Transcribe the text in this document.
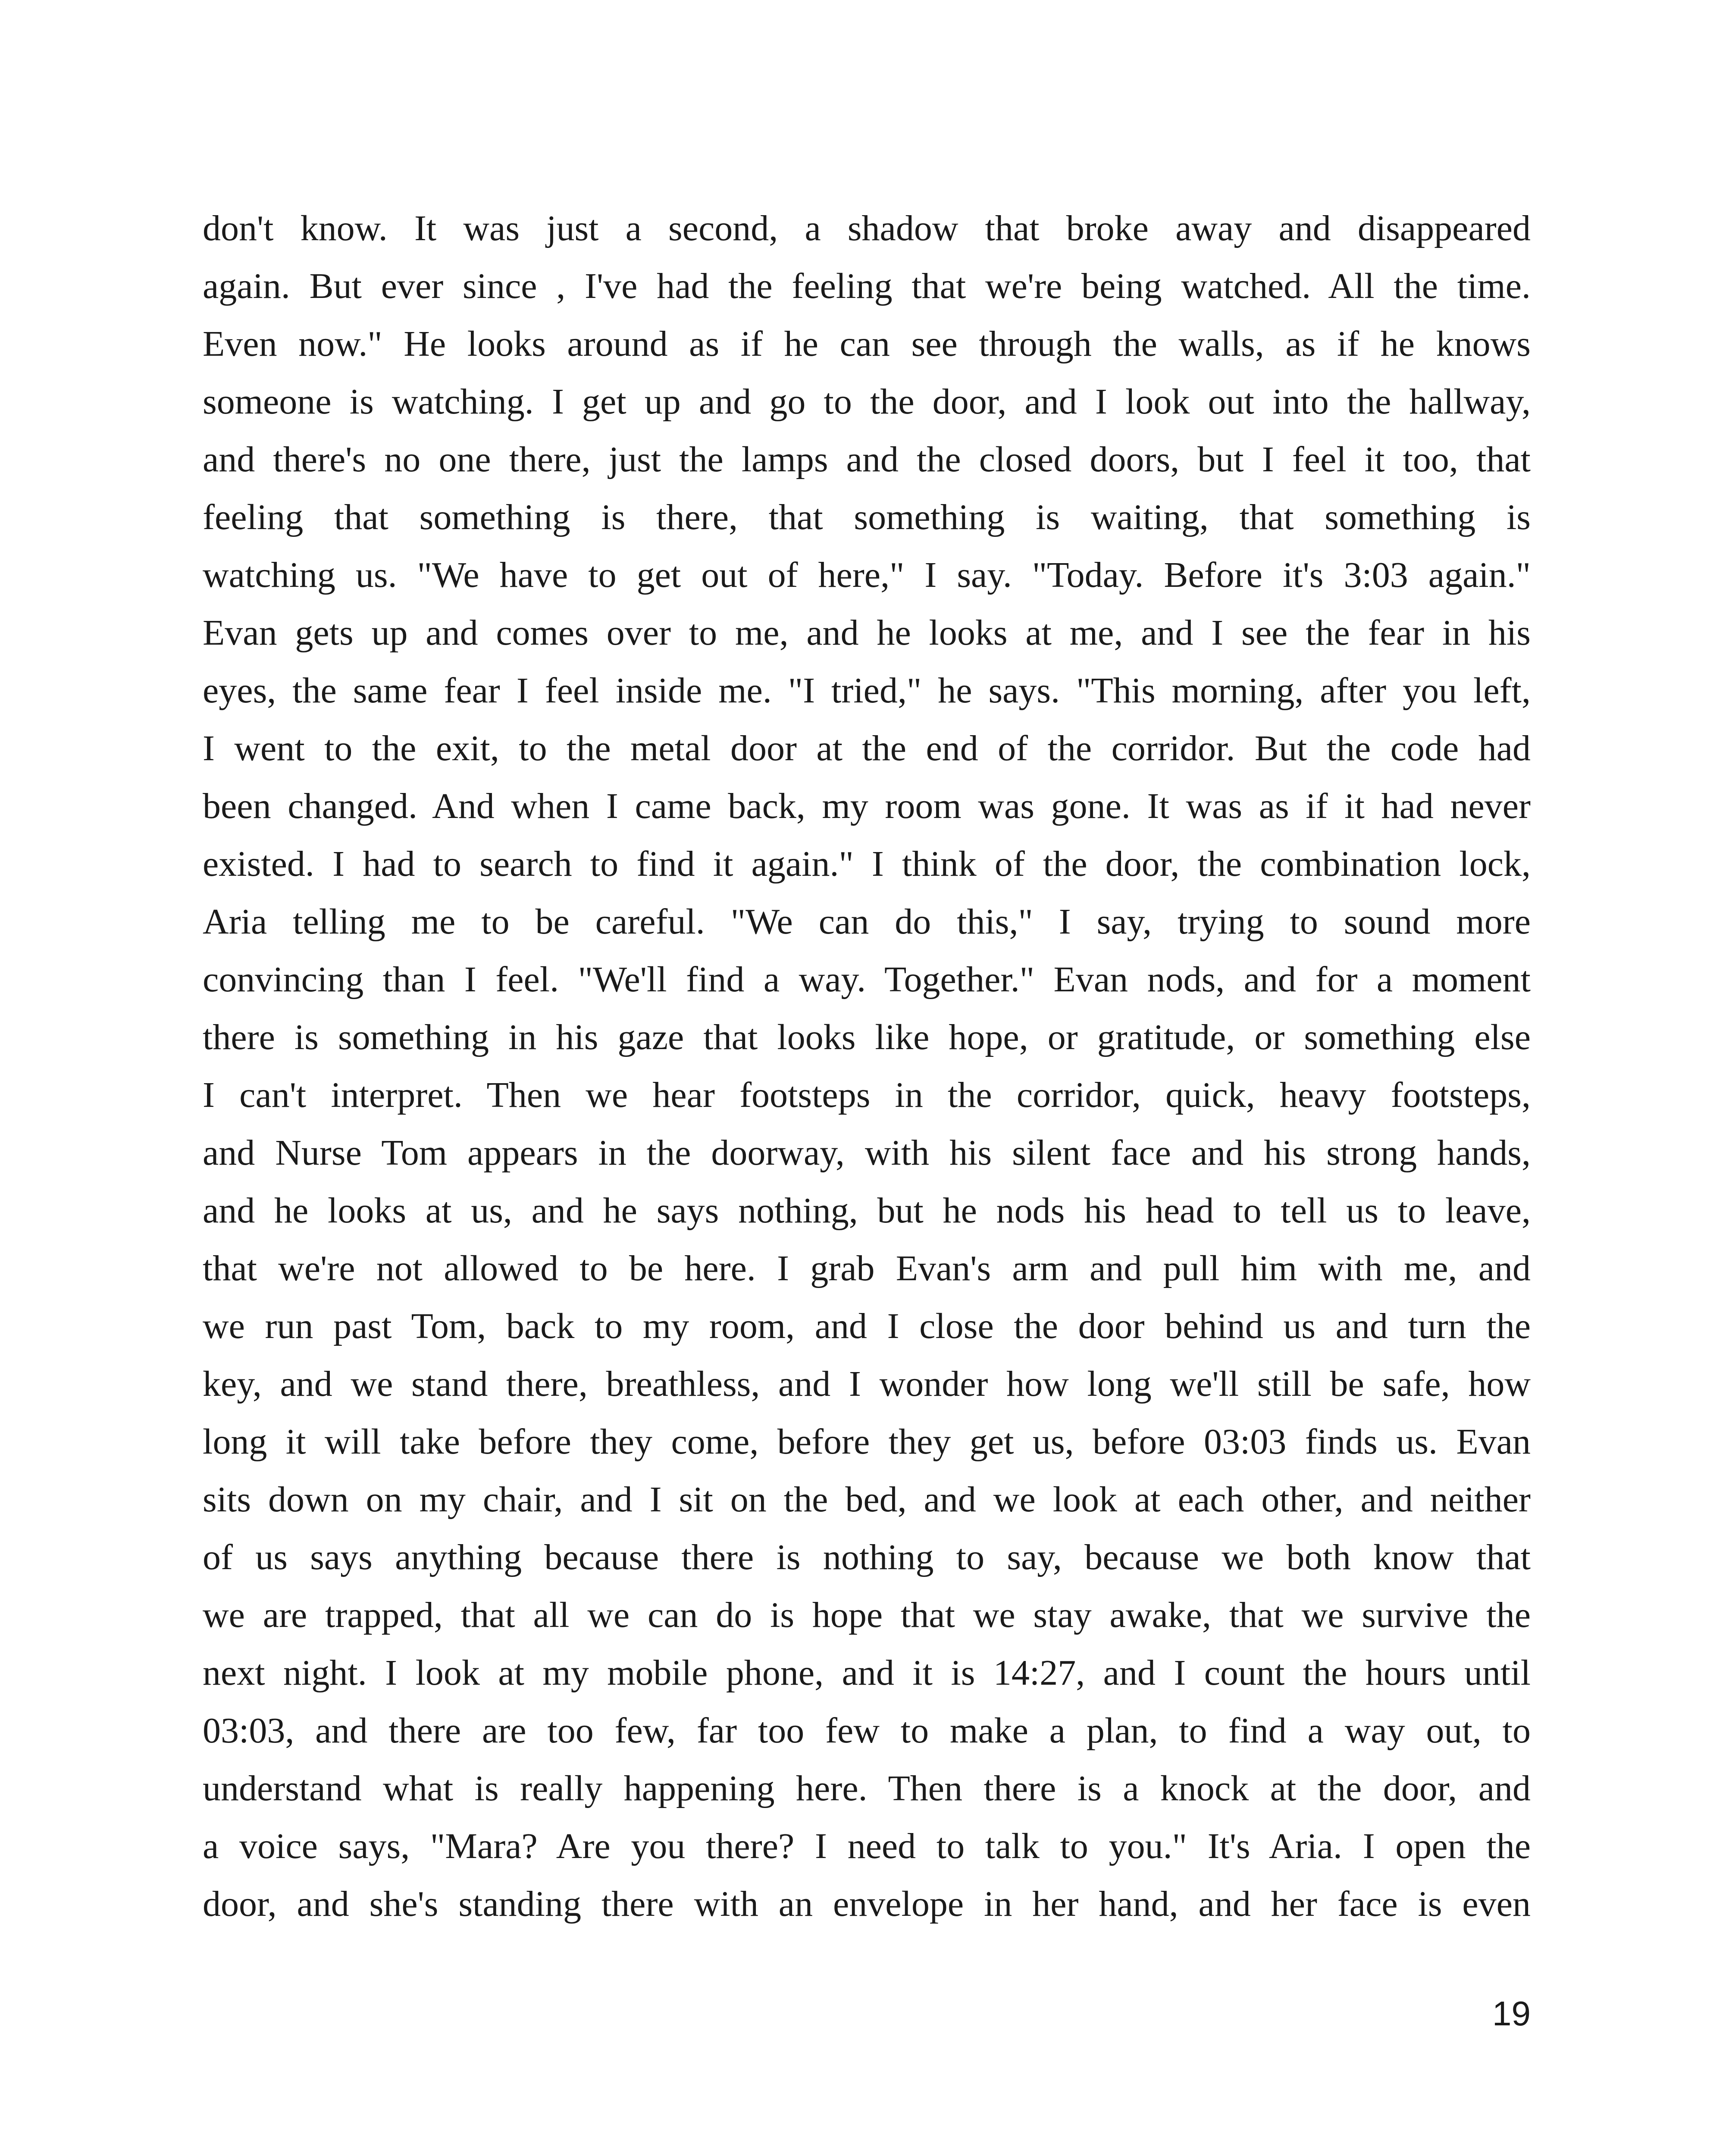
don't know. It was just a second, a shadow that broke away and disappeared
again. But ever since , I've had the feeling that we're being watched. All the time.
Even now." He looks around as if he can see through the walls, as if he knows
someone is watching. I get up and go to the door, and I look out into the hallway,
and there's no one there, just the lamps and the closed doors, but I feel it too, that
feeling that something is there, that something is waiting, that something is
watching us. "We have to get out of here," I say. "Today. Before it's 3:03 again."
Evan gets up and comes over to me, and he looks at me, and I see the fear in his
eyes, the same fear I feel inside me. "I tried," he says. "This morning, after you left,
I went to the exit, to the metal door at the end of the corridor. But the code had
been changed. And when I came back, my room was gone. It was as if it had never
existed. I had to search to find it again." I think of the door, the combination lock,
Aria telling me to be careful. "We can do this," I say, trying to sound more
convincing than I feel. "We'll find a way. Together." Evan nods, and for a moment
there is something in his gaze that looks like hope, or gratitude, or something else
I can't interpret. Then we hear footsteps in the corridor, quick, heavy footsteps,
and Nurse Tom appears in the doorway, with his silent face and his strong hands,
and he looks at us, and he says nothing, but he nods his head to tell us to leave,
that we're not allowed to be here. I grab Evan's arm and pull him with me, and
we run past Tom, back to my room, and I close the door behind us and turn the
key, and we stand there, breathless, and I wonder how long we'll still be safe, how
long it will take before they come, before they get us, before 03:03 finds us. Evan
sits down on my chair, and I sit on the bed, and we look at each other, and neither
of us says anything because there is nothing to say, because we both know that
we are trapped, that all we can do is hope that we stay awake, that we survive the
next night. I look at my mobile phone, and it is 14:27, and I count the hours until
03:03, and there are too few, far too few to make a plan, to find a way out, to
understand what is really happening here. Then there is a knock at the door, and
a voice says, "Mara? Are you there? I need to talk to you." It's Aria. I open the
door, and she's standing there with an envelope in her hand, and her face is even
19
